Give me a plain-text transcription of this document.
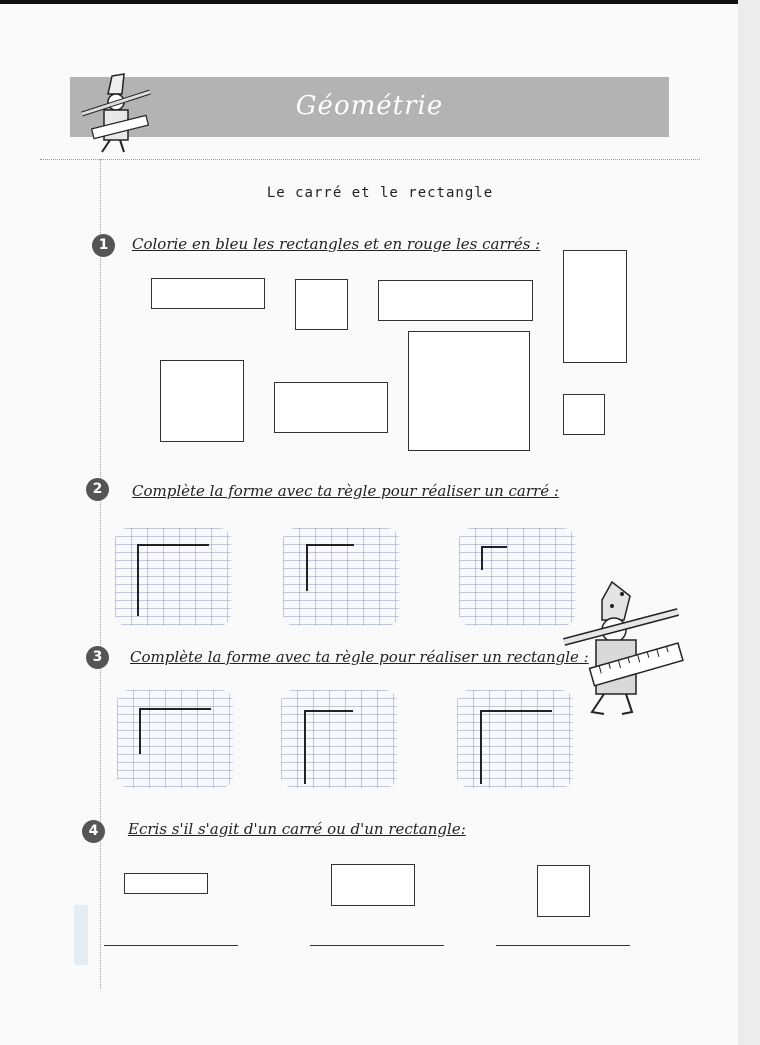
Géométrie
Le carré et le rectangle
1	Colorie en bleu les rectangles et en rouge les carrés :
2	Complète la forme avec ta règle pour réaliser un carré :
3	Complète la forme avec ta règle pour réaliser un rectangle :
4	Ecris s'il s'agit d'un carré ou d'un rectangle:
